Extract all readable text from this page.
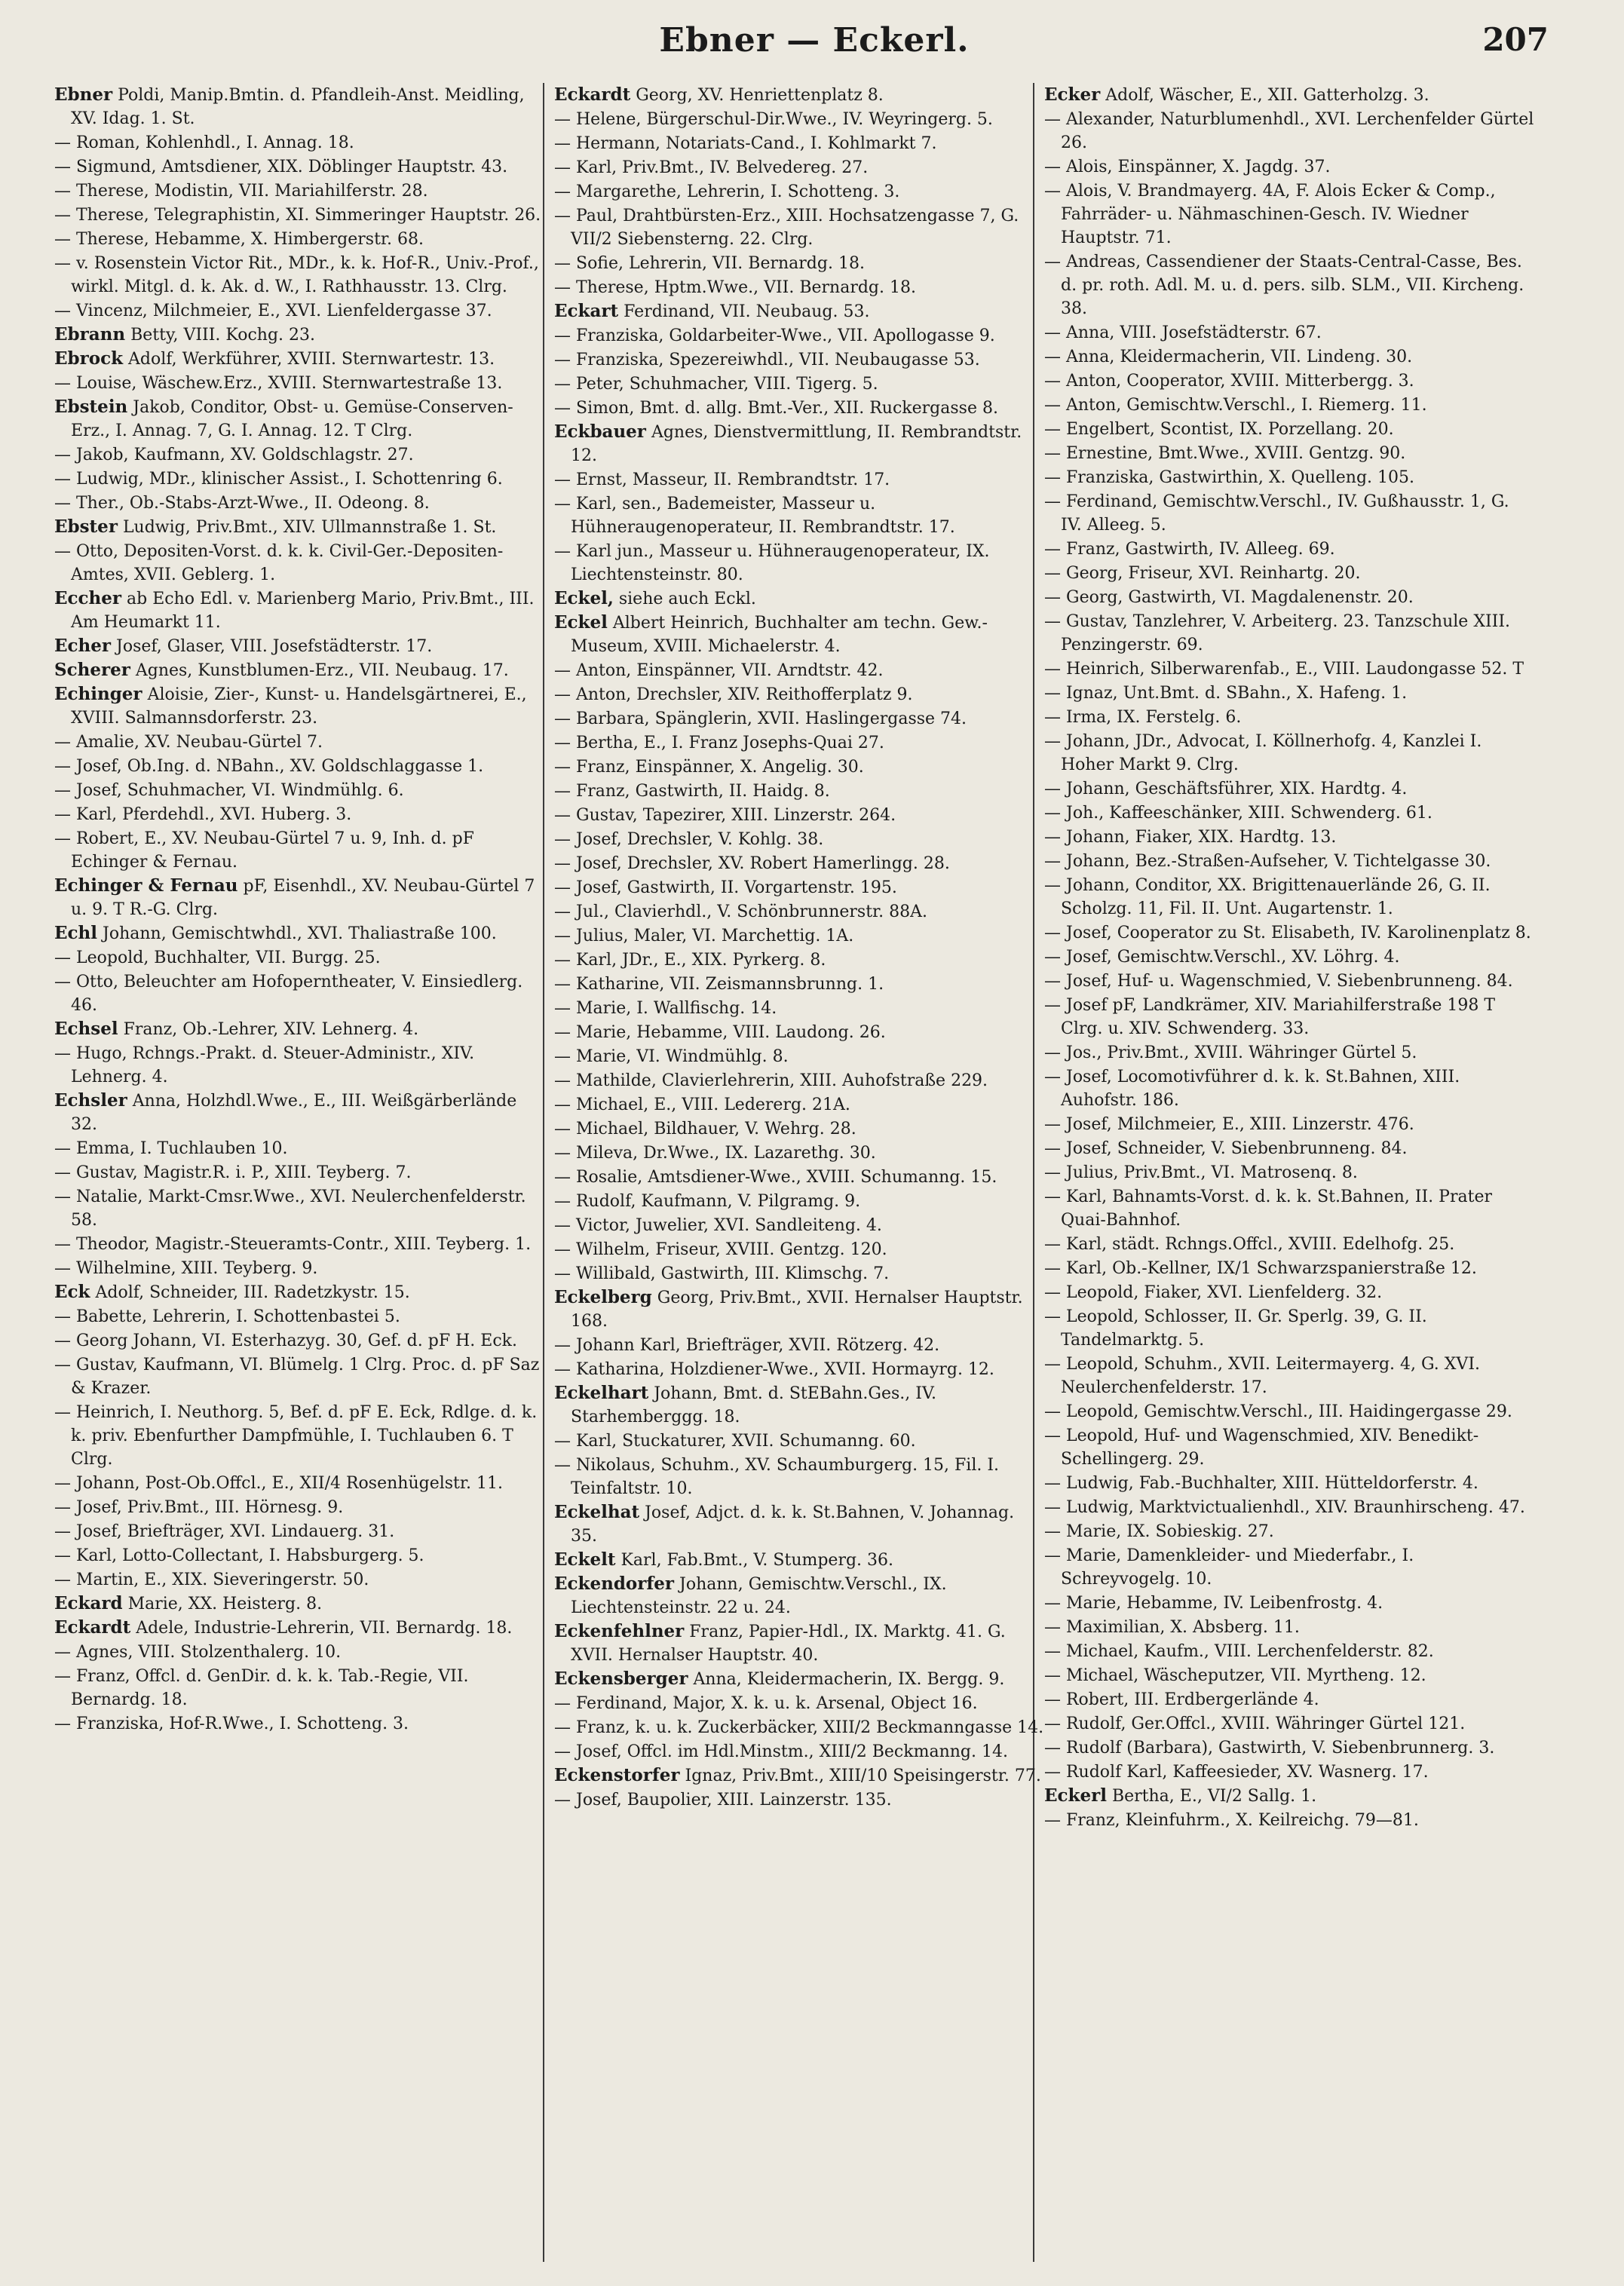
Ebner — Eckerl.	207
Ebner Poldi, Manip.Bmtin. d. Pfandleih-Anst. Meidling, XV. Idag. 1. St.
— Roman, Kohlenhdl., I. Annag. 18.
— Sigmund, Amtsdiener, XIX. Döblinger Hauptstr. 43.
— Therese, Modistin, VII. Mariahilferstr. 28.
— Therese, Telegraphistin, XI. Simmeringer Hauptstr. 26.
— Therese, Hebamme, X. Himbergerstr. 68.
— v. Rosenstein Victor Rit., MDr., k. k. Hof-R., Univ.-Prof., wirkl. Mitgl. d. k. Ak. d. W., I. Rathhausstr. 13. Clrg.
— Vincenz, Milchmeier, E., XVI. Lienfeldergasse 37.
Ebrann Betty, VIII. Kochg. 23.
Ebrock Adolf, Werkführer, XVIII. Sternwartestr. 13.
— Louise, Wäschew.Erz., XVIII. Sternwartestraße 13.
Ebstein Jakob, Conditor, Obst- u. Gemüse-Conserven-Erz., I. Annag. 7, G. I. Annag. 12. T Clrg.
— Jakob, Kaufmann, XV. Goldschlagstr. 27.
— Ludwig, MDr., klinischer Assist., I. Schottenring 6.
— Ther., Ob.-Stabs-Arzt-Wwe., II. Odeong. 8.
Ebster Ludwig, Priv.Bmt., XIV. Ullmannstraße 1. St.
— Otto, Depositen-Vorst. d. k. k. Civil-Ger.-Depositen-Amtes, XVII. Geblerg. 1.
Eccher ab Echo Edl. v. Marienberg Mario, Priv.Bmt., III. Am Heumarkt 11.
Echer Josef, Glaser, VIII. Josefstädterstr. 17.
Scherer Agnes, Kunstblumen-Erz., VII. Neubaug. 17.
Echinger Aloisie, Zier-, Kunst- u. Handelsgärtnerei, E., XVIII. Salmannsdorferstr. 23.
— Amalie, XV. Neubau-Gürtel 7.
— Josef, Ob.Ing. d. NBahn., XV. Goldschlaggasse 1.
— Josef, Schuhmacher, VI. Windmühlg. 6.
— Karl, Pferdehdl., XVI. Huberg. 3.
— Robert, E., XV. Neubau-Gürtel 7 u. 9, Inh. d. pF Echinger & Fernau.
Echinger & Fernau pF, Eisenhdl., XV. Neubau-Gürtel 7 u. 9. T R.-G. Clrg.
Echl Johann, Gemischtwhdl., XVI. Thaliastraße 100.
— Leopold, Buchhalter, VII. Burgg. 25.
— Otto, Beleuchter am Hofoperntheater, V. Einsiedlerg. 46.
Echsel Franz, Ob.-Lehrer, XIV. Lehnerg. 4.
— Hugo, Rchngs.-Prakt. d. Steuer-Administr., XIV. Lehnerg. 4.
Echsler Anna, Holzhdl.Wwe., E., III. Weißgärberlände 32.
— Emma, I. Tuchlauben 10.
— Gustav, Magistr.R. i. P., XIII. Teyberg. 7.
— Natalie, Markt-Cmsr.Wwe., XVI. Neulerchenfelderstr. 58.
— Theodor, Magistr.-Steueramts-Contr., XIII. Teyberg. 1.
— Wilhelmine, XIII. Teyberg. 9.
Eck Adolf, Schneider, III. Radetzkystr. 15.
— Babette, Lehrerin, I. Schottenbastei 5.
— Georg Johann, VI. Esterhazyg. 30, Gef. d. pF H. Eck.
— Gustav, Kaufmann, VI. Blümelg. 1 Clrg. Proc. d. pF Saz & Krazer.
— Heinrich, I. Neuthorg. 5, Bef. d. pF E. Eck, Rdlge. d. k. k. priv. Ebenfurther Dampfmühle, I. Tuchlauben 6. T Clrg.
— Johann, Post-Ob.Offcl., E., XII/4 Rosenhügelstr. 11.
— Josef, Priv.Bmt., III. Hörnesg. 9.
— Josef, Briefträger, XVI. Lindauerg. 31.
— Karl, Lotto-Collectant, I. Habsburgerg. 5.
— Martin, E., XIX. Sieveringerstr. 50.
Eckard Marie, XX. Heisterg. 8.
Eckardt Adele, Industrie-Lehrerin, VII. Bernardg. 18.
— Agnes, VIII. Stolzenthalerg. 10.
— Franz, Offcl. d. GenDir. d. k. k. Tab.-Regie, VII. Bernardg. 18.
— Franziska, Hof-R.Wwe., I. Schotteng. 3.
Eckardt Georg, XV. Henriettenplatz 8.
— Helene, Bürgerschul-Dir.Wwe., IV. Weyringerg. 5.
— Hermann, Notariats-Cand., I. Kohlmarkt 7.
— Karl, Priv.Bmt., IV. Belvedereg. 27.
— Margarethe, Lehrerin, I. Schotteng. 3.
— Paul, Drahtbürsten-Erz., XIII. Hochsatzengasse 7, G. VII/2 Siebensterng. 22. Clrg.
— Sofie, Lehrerin, VII. Bernardg. 18.
— Therese, Hptm.Wwe., VII. Bernardg. 18.
Eckart Ferdinand, VII. Neubaug. 53.
— Franziska, Goldarbeiter-Wwe., VII. Apollogasse 9.
— Franziska, Spezereiwhdl., VII. Neubaugasse 53.
— Peter, Schuhmacher, VIII. Tigerg. 5.
— Simon, Bmt. d. allg. Bmt.-Ver., XII. Ruckergasse 8.
Eckbauer Agnes, Dienstvermittlung, II. Rembrandtstr. 12.
— Ernst, Masseur, II. Rembrandtstr. 17.
— Karl, sen., Bademeister, Masseur u. Hühneraugenoperateur, II. Rembrandtstr. 17.
— Karl jun., Masseur u. Hühneraugenoperateur, IX. Liechtensteinstr. 80.
Eckel, siehe auch Eckl.
Eckel Albert Heinrich, Buchhalter am techn. Gew.-Museum, XVIII. Michaelerstr. 4.
— Anton, Einspänner, VII. Arndtstr. 42.
— Anton, Drechsler, XIV. Reithofferplatz 9.
— Barbara, Spänglerin, XVII. Haslingergasse 74.
— Bertha, E., I. Franz Josephs-Quai 27.
— Franz, Einspänner, X. Angelig. 30.
— Franz, Gastwirth, II. Haidg. 8.
— Gustav, Tapezirer, XIII. Linzerstr. 264.
— Josef, Drechsler, V. Kohlg. 38.
— Josef, Drechsler, XV. Robert Hamerlingg. 28.
— Josef, Gastwirth, II. Vorgartenstr. 195.
— Jul., Clavierhdl., V. Schönbrunnerstr. 88A.
— Julius, Maler, VI. Marchettig. 1A.
— Karl, JDr., E., XIX. Pyrkerg. 8.
— Katharine, VII. Zeismannsbrunng. 1.
— Marie, I. Wallfischg. 14.
— Marie, Hebamme, VIII. Laudong. 26.
— Marie, VI. Windmühlg. 8.
— Mathilde, Clavierlehrerin, XIII. Auhofstraße 229.
— Michael, E., VIII. Ledererg. 21A.
— Michael, Bildhauer, V. Wehrg. 28.
— Mileva, Dr.Wwe., IX. Lazarethg. 30.
— Rosalie, Amtsdiener-Wwe., XVIII. Schumanng. 15.
— Rudolf, Kaufmann, V. Pilgramg. 9.
— Victor, Juwelier, XVI. Sandleiteng. 4.
— Wilhelm, Friseur, XVIII. Gentzg. 120.
— Willibald, Gastwirth, III. Klimschg. 7.
Eckelberg Georg, Priv.Bmt., XVII. Hernalser Hauptstr. 168.
— Johann Karl, Briefträger, XVII. Rötzerg. 42.
— Katharina, Holzdiener-Wwe., XVII. Hormayrg. 12.
Eckelhart Johann, Bmt. d. StEBahn.Ges., IV. Starhemberggg. 18.
— Karl, Stuckaturer, XVII. Schumanng. 60.
— Nikolaus, Schuhm., XV. Schaumburgerg. 15, Fil. I. Teinfaltstr. 10.
Eckelhat Josef, Adjct. d. k. k. St.Bahnen, V. Johannag. 35.
Eckelt Karl, Fab.Bmt., V. Stumperg. 36.
Eckendorfer Johann, Gemischtw.Verschl., IX. Liechtensteinstr. 22 u. 24.
Eckenfehlner Franz, Papier-Hdl., IX. Marktg. 41. G. XVII. Hernalser Hauptstr. 40.
Eckensberger Anna, Kleidermacherin, IX. Bergg. 9.
— Ferdinand, Major, X. k. u. k. Arsenal, Object 16.
— Franz, k. u. k. Zuckerbäcker, XIII/2 Beckmanngasse 14.
— Josef, Offcl. im Hdl.Minstm., XIII/2 Beckmanng. 14.
Eckenstorfer Ignaz, Priv.Bmt., XIII/10 Speisingerstr. 77.
— Josef, Baupolier, XIII. Lainzerstr. 135.
Ecker Adolf, Wäscher, E., XII. Gatterholzg. 3.
— Alexander, Naturblumenhdl., XVI. Lerchenfelder Gürtel 26.
— Alois, Einspänner, X. Jagdg. 37.
— Alois, V. Brandmayerg. 4A, F. Alois Ecker & Comp., Fahrräder- u. Nähmaschinen-Gesch. IV. Wiedner Hauptstr. 71.
— Andreas, Cassendiener der Staats-Central-Casse, Bes. d. pr. roth. Adl. M. u. d. pers. silb. SLM., VII. Kircheng. 38.
— Anna, VIII. Josefstädterstr. 67.
— Anna, Kleidermacherin, VII. Lindeng. 30.
— Anton, Cooperator, XVIII. Mitterbergg. 3.
— Anton, Gemischtw.Verschl., I. Riemerg. 11.
— Engelbert, Scontist, IX. Porzellang. 20.
— Ernestine, Bmt.Wwe., XVIII. Gentzg. 90.
— Franziska, Gastwirthin, X. Quelleng. 105.
— Ferdinand, Gemischtw.Verschl., IV. Gußhausstr. 1, G. IV. Alleeg. 5.
— Franz, Gastwirth, IV. Alleeg. 69.
— Georg, Friseur, XVI. Reinhartg. 20.
— Georg, Gastwirth, VI. Magdalenenstr. 20.
— Gustav, Tanzlehrer, V. Arbeiterg. 23. Tanzschule XIII. Penzingerstr. 69.
— Heinrich, Silberwarenfab., E., VIII. Laudongasse 52. T
— Ignaz, Unt.Bmt. d. SBahn., X. Hafeng. 1.
— Irma, IX. Ferstelg. 6.
— Johann, JDr., Advocat, I. Köllnerhofg. 4, Kanzlei I. Hoher Markt 9. Clrg.
— Johann, Geschäftsführer, XIX. Hardtg. 4.
— Joh., Kaffeeschänker, XIII. Schwenderg. 61.
— Johann, Fiaker, XIX. Hardtg. 13.
— Johann, Bez.-Straßen-Aufseher, V. Tichtelgasse 30.
— Johann, Conditor, XX. Brigittenauerlände 26, G. II. Scholzg. 11, Fil. II. Unt. Augartenstr. 1.
— Josef, Cooperator zu St. Elisabeth, IV. Karolinenplatz 8.
— Josef, Gemischtw.Verschl., XV. Löhrg. 4.
— Josef, Huf- u. Wagenschmied, V. Siebenbrunneng. 84.
— Josef pF, Landkrämer, XIV. Mariahilferstraße 198 T Clrg. u. XIV. Schwenderg. 33.
— Jos., Priv.Bmt., XVIII. Währinger Gürtel 5.
— Josef, Locomotivführer d. k. k. St.Bahnen, XIII. Auhofstr. 186.
— Josef, Milchmeier, E., XIII. Linzerstr. 476.
— Josef, Schneider, V. Siebenbrunneng. 84.
— Julius, Priv.Bmt., VI. Matrosenq. 8.
— Karl, Bahnamts-Vorst. d. k. k. St.Bahnen, II. Prater Quai-Bahnhof.
— Karl, städt. Rchngs.Offcl., XVIII. Edelhofg. 25.
— Karl, Ob.-Kellner, IX/1 Schwarzspanierstraße 12.
— Leopold, Fiaker, XVI. Lienfelderg. 32.
— Leopold, Schlosser, II. Gr. Sperlg. 39, G. II. Tandelmarktg. 5.
— Leopold, Schuhm., XVII. Leitermayerg. 4, G. XVI. Neulerchenfelderstr. 17.
— Leopold, Gemischtw.Verschl., III. Haidingergasse 29.
— Leopold, Huf- und Wagenschmied, XIV. Benedikt-Schellingerg. 29.
— Ludwig, Fab.-Buchhalter, XIII. Hütteldorferstr. 4.
— Ludwig, Marktvictualienhdl., XIV. Braunhirscheng. 47.
— Marie, IX. Sobieskig. 27.
— Marie, Damenkleider- und Miederfabr., I. Schreyvogelg. 10.
— Marie, Hebamme, IV. Leibenfrostg. 4.
— Maximilian, X. Absberg. 11.
— Michael, Kaufm., VIII. Lerchenfelderstr. 82.
— Michael, Wäscheputzer, VII. Myrtheng. 12.
— Robert, III. Erdbergerlände 4.
— Rudolf, Ger.Offcl., XVIII. Währinger Gürtel 121.
— Rudolf (Barbara), Gastwirth, V. Siebenbrunnerg. 3.
— Rudolf Karl, Kaffeesieder, XV. Wasnerg. 17.
Eckerl Bertha, E., VI/2 Sallg. 1.
— Franz, Kleinfuhrm., X. Keilreichg. 79—81.
